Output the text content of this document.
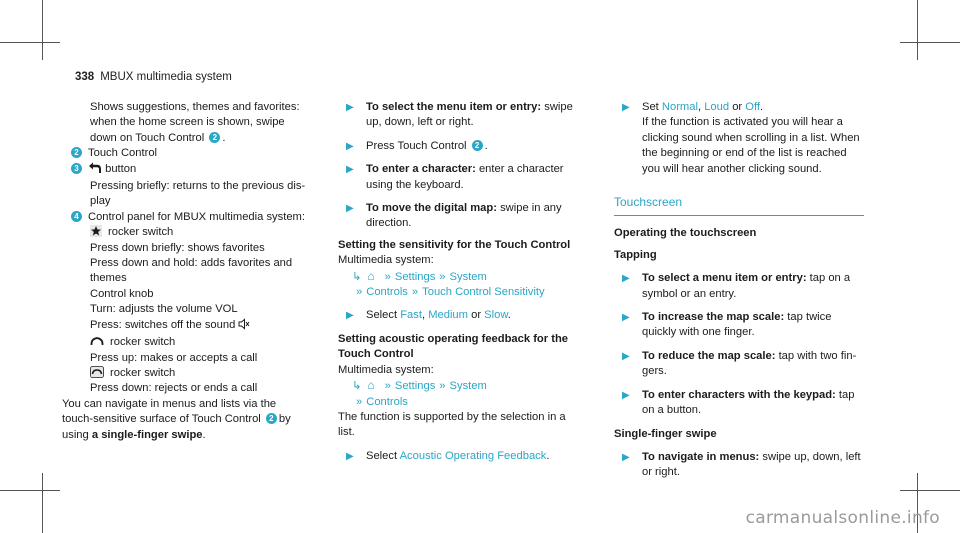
338 MBUX multimedia system
Shows suggestions, themes and favorites:
when the home screen is shown, swipe
down on Touch Control 2 .
2 Touch Control
3 button
Pressing briefly: returns to the previous dis-
play
4 Control panel for MBUX multimedia system:
rocker switch
Press down briefly: shows favorites
Press down and hold: adds favorites and
themes
Control knob
Turn: adjusts the volume VOL
Press: switches off the sound
rocker switch
Press up: makes or accepts a call
rocker switch
Press down: rejects or ends a call
You can navigate in menus and lists via the
touch-sensitive surface of Touch Control 2 by
using a single-finger swipe.
▶ To select the menu item or entry: swipe
up, down, left or right.
▶ Press Touch Control 2 .
▶ To enter a character: enter a character
using the keyboard.
▶ To move the digital map: swipe in any
direction.
Setting the sensitivity for the Touch Control
Multimedia system:
↳ ⌂ » Settings » System
» Controls » Touch Control Sensitivity
▶ Select Fast, Medium or Slow.
Setting acoustic operating feedback for the
Touch Control
Multimedia system:
↳ ⌂ » Settings » System
» Controls
The function is supported by the selection in a
list.
▶ Select Acoustic Operating Feedback.
▶ Set Normal, Loud or Off.
If the function is activated you will hear a
clicking sound when scrolling in a list. When
the beginning or end of the list is reached
you will hear another clicking sound.
Touchscreen
Operating the touchscreen
Tapping
▶ To select a menu item or entry: tap on a
symbol or an entry.
▶ To increase the map scale: tap twice
quickly with one finger.
▶ To reduce the map scale: tap with two fin-
gers.
▶ To enter characters with the keypad: tap
on a button.
Single-finger swipe
▶ To navigate in menus: swipe up, down, left
or right.
carmanualsonline.info
